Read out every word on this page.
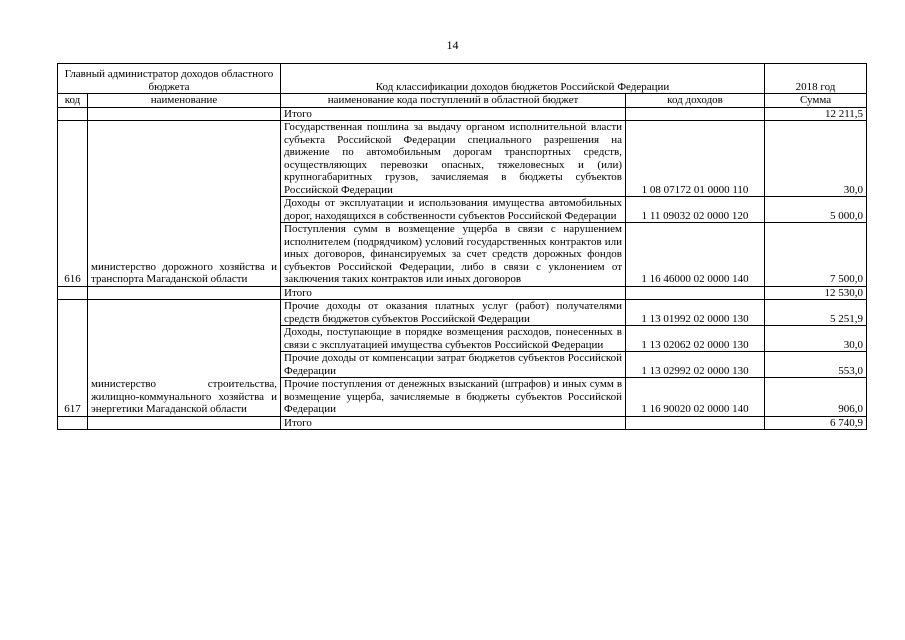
14
Главный администратор доходов областного бюджета		Код классификации доходов бюджетов Российской Федерации		2018 год
код	наименование	наименование кода поступлений в областной бюджет	код доходов	Сумма
		Итого		12 211,5
616	министерство дорожного хозяйства и транспорта Магаданской области	Государственная пошлина за выдачу органом исполнительной власти субъекта Российской Федерации специального разрешения на движение по автомобильным дорогам транспортных средств, осуществляющих перевозки опасных, тяжеловесных и (или) крупногабаритных грузов, зачисляемая в бюджеты субъектов Российской Федерации	1 08 07172 01 0000 110	30,0
		Доходы от эксплуатации и использования имущества автомобильных дорог, находящихся в собственности субъектов Российской Федерации	1 11 09032 02 0000 120	5 000,0
		Поступления сумм в возмещение ущерба в связи с нарушением исполнителем (подрядчиком) условий государственных контрактов или иных договоров, финансируемых за счет средств дорожных фондов субъектов Российской Федерации, либо в связи с уклонением от заключения таких контрактов или иных договоров	1 16 46000 02 0000 140	7 500,0
		Итого		12 530,0
617	министерство строительства, жилищно-коммунального хозяйства и энергетики Магаданской области	Прочие доходы от оказания платных услуг (работ) получателями средств бюджетов субъектов Российской Федерации	1 13 01992 02 0000 130	5 251,9
		Доходы, поступающие в порядке возмещения расходов, понесенных в связи с эксплуатацией имущества субъектов Российской Федерации	1 13 02062 02 0000 130	30,0
		Прочие доходы от компенсации затрат бюджетов субъектов Российской Федерации	1 13 02992 02 0000 130	553,0
		Прочие поступления от денежных взысканий (штрафов) и иных сумм в возмещение ущерба, зачисляемые в бюджеты субъектов Российской Федерации	1 16 90020 02 0000 140	906,0
		Итого		6 740,9
